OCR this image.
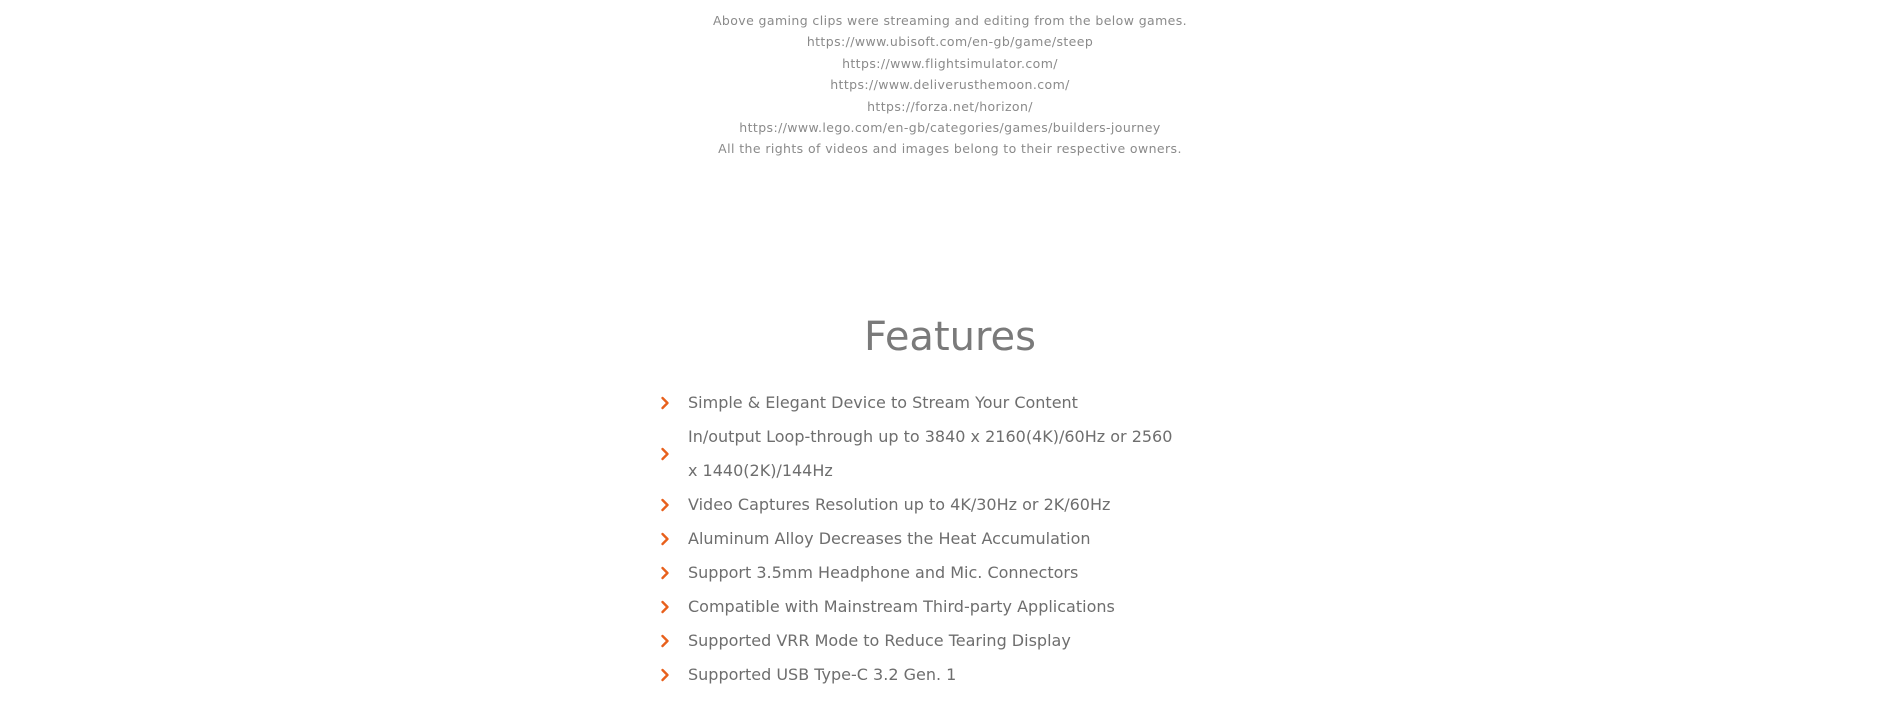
Above gaming clips were streaming and editing from the below games.
https://www.ubisoft.com/en-gb/game/steep
https://www.flightsimulator.com/
https://www.deliverusthemoon.com/
https://forza.net/horizon/
https://www.lego.com/en-gb/categories/games/builders-journey
All the rights of videos and images belong to their respective owners.
Features
Simple & Elegant Device to Stream Your Content
In/output Loop-through up to 3840 x 2160(4K)/60Hz or 2560 x 1440(2K)/144Hz
Video Captures Resolution up to 4K/30Hz or 2K/60Hz
Aluminum Alloy Decreases the Heat Accumulation
Support 3.5mm Headphone and Mic. Connectors
Compatible with Mainstream Third-party Applications
Supported VRR Mode to Reduce Tearing Display
Supported USB Type-C 3.2 Gen. 1
